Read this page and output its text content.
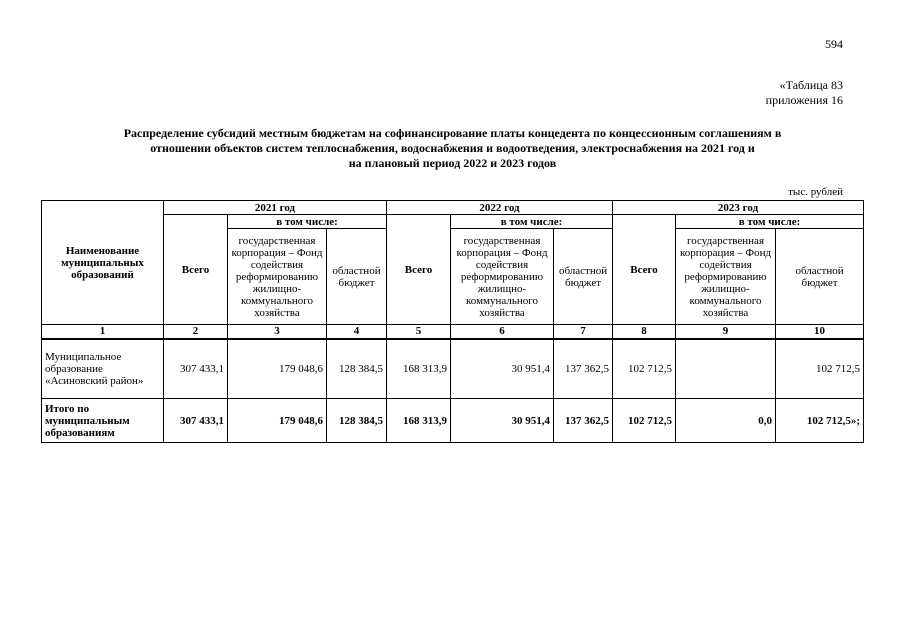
594
«Таблица 83
приложения 16
Распределение субсидий местным бюджетам на софинансирование платы концедента по концессионным соглашениям в
отношении объектов систем теплоснабжения, водоснабжения и водоотведения, электроснабжения на 2021 год и
на плановый период 2022 и 2023 годов
тыс. рублей
Наименование муниципальных образований	2021 год			2022 год			2023 год		
	Всего	в том числе:		Всего	в том числе:		Всего	в том числе:	
		государственная корпорация – Фонд содействия реформированию жилищно-коммунального хозяйства	областной бюджет		государственная корпорация – Фонд содействия реформированию жилищно-коммунального хозяйства	областной бюджет		государственная корпорация – Фонд содействия реформированию жилищно-коммунального хозяйства	областной бюджет
1	2	3	4	5	6	7	8	9	10
Муниципальное образование «Асиновский район»	307 433,1	179 048,6	128 384,5	168 313,9	30 951,4	137 362,5	102 712,5		102 712,5
Итого по муниципальным образованиям	307 433,1	179 048,6	128 384,5	168 313,9	30 951,4	137 362,5	102 712,5	0,0	102 712,5»;
